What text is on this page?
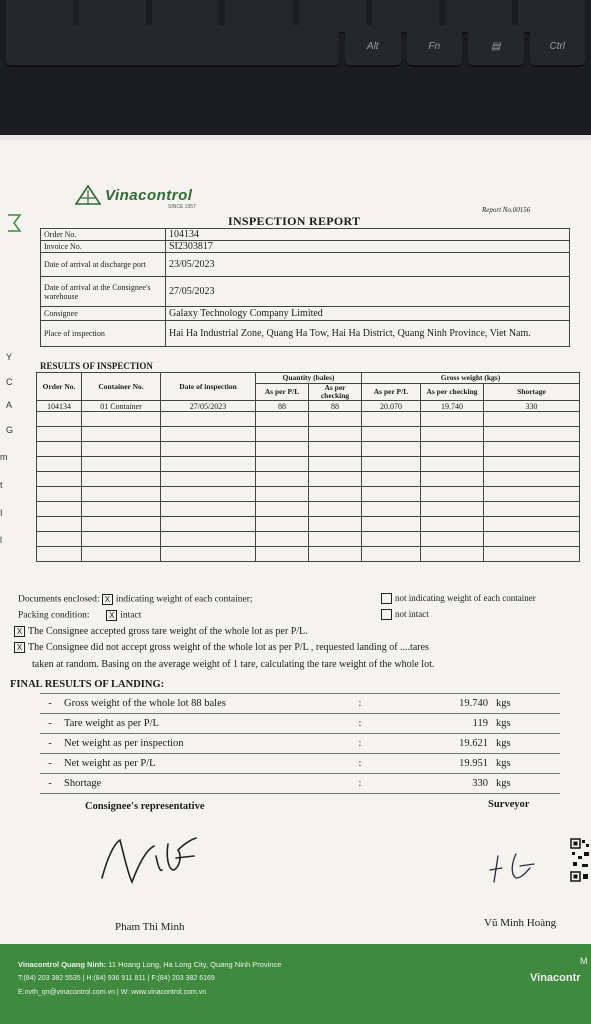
Alt	Fn	▤	Ctrl
Vinacontrol
SINCE 1957	Report No.00156
INSPECTION REPORT
Order No.	104134
Invoice No.	SI2303817
Date of arrival at discharge port	23/05/2023
Date of arrival at the Consignee's warehouse	27/05/2023
Consignee	Galaxy Technology Company Limited
Place of inspection	Hai Ha Industrial Zone, Quang Ha Tow, Hai Ha District, Quang Ninh Province, Viet Nam.
RESULTS OF INSPECTION
Order No.	Container No.	Date of inspection	Quantity (bales)		Gross weight (kgs)		
			As per P/L	As per checking	As per P/L	As per checking	Shortage
104134	01 Container	27/05/2023	88	88	20.070	19.740	330

Documents enclosed: X indicating weight of each container;	not indicating weight of each container
Packing condition: X intact	not intact
X The Consignee accepted gross tare weight of the whole lot as per P/L.
X The Consignee did not accept gross weight of the whole lot as per P/L , requested landing of ....tares
taken at random. Basing on the average weight of 1 tare, calculating the tare weight of the whole lot.
FINAL RESULTS OF LANDING:
-	Gross weight of the whole lot 88 bales	:	19.740	kgs
-	Tare weight as per P/L	:	119	kgs
-	Net weight as per inspection	:	19.621	kgs
-	Net weight as per P/L	:	19.951	kgs
-	Shortage	:	330	kgs
Consignee's representative	Surveyor
Pham Thi Minh	Vũ Minh Hoàng
Y
C
A
G
m
t
I
l
Vinacontrol Quang Ninh: 11 Hoang Long, Ha Long City, Quang Ninh Province
T:(84) 203 382 5535 | H:(84) 936 911 811 | F:(84) 203 382 6169
E:nvth_qn@vinacontrol.com.vn | W: www.vinacontrol.com.vn
M
Vinacontr
